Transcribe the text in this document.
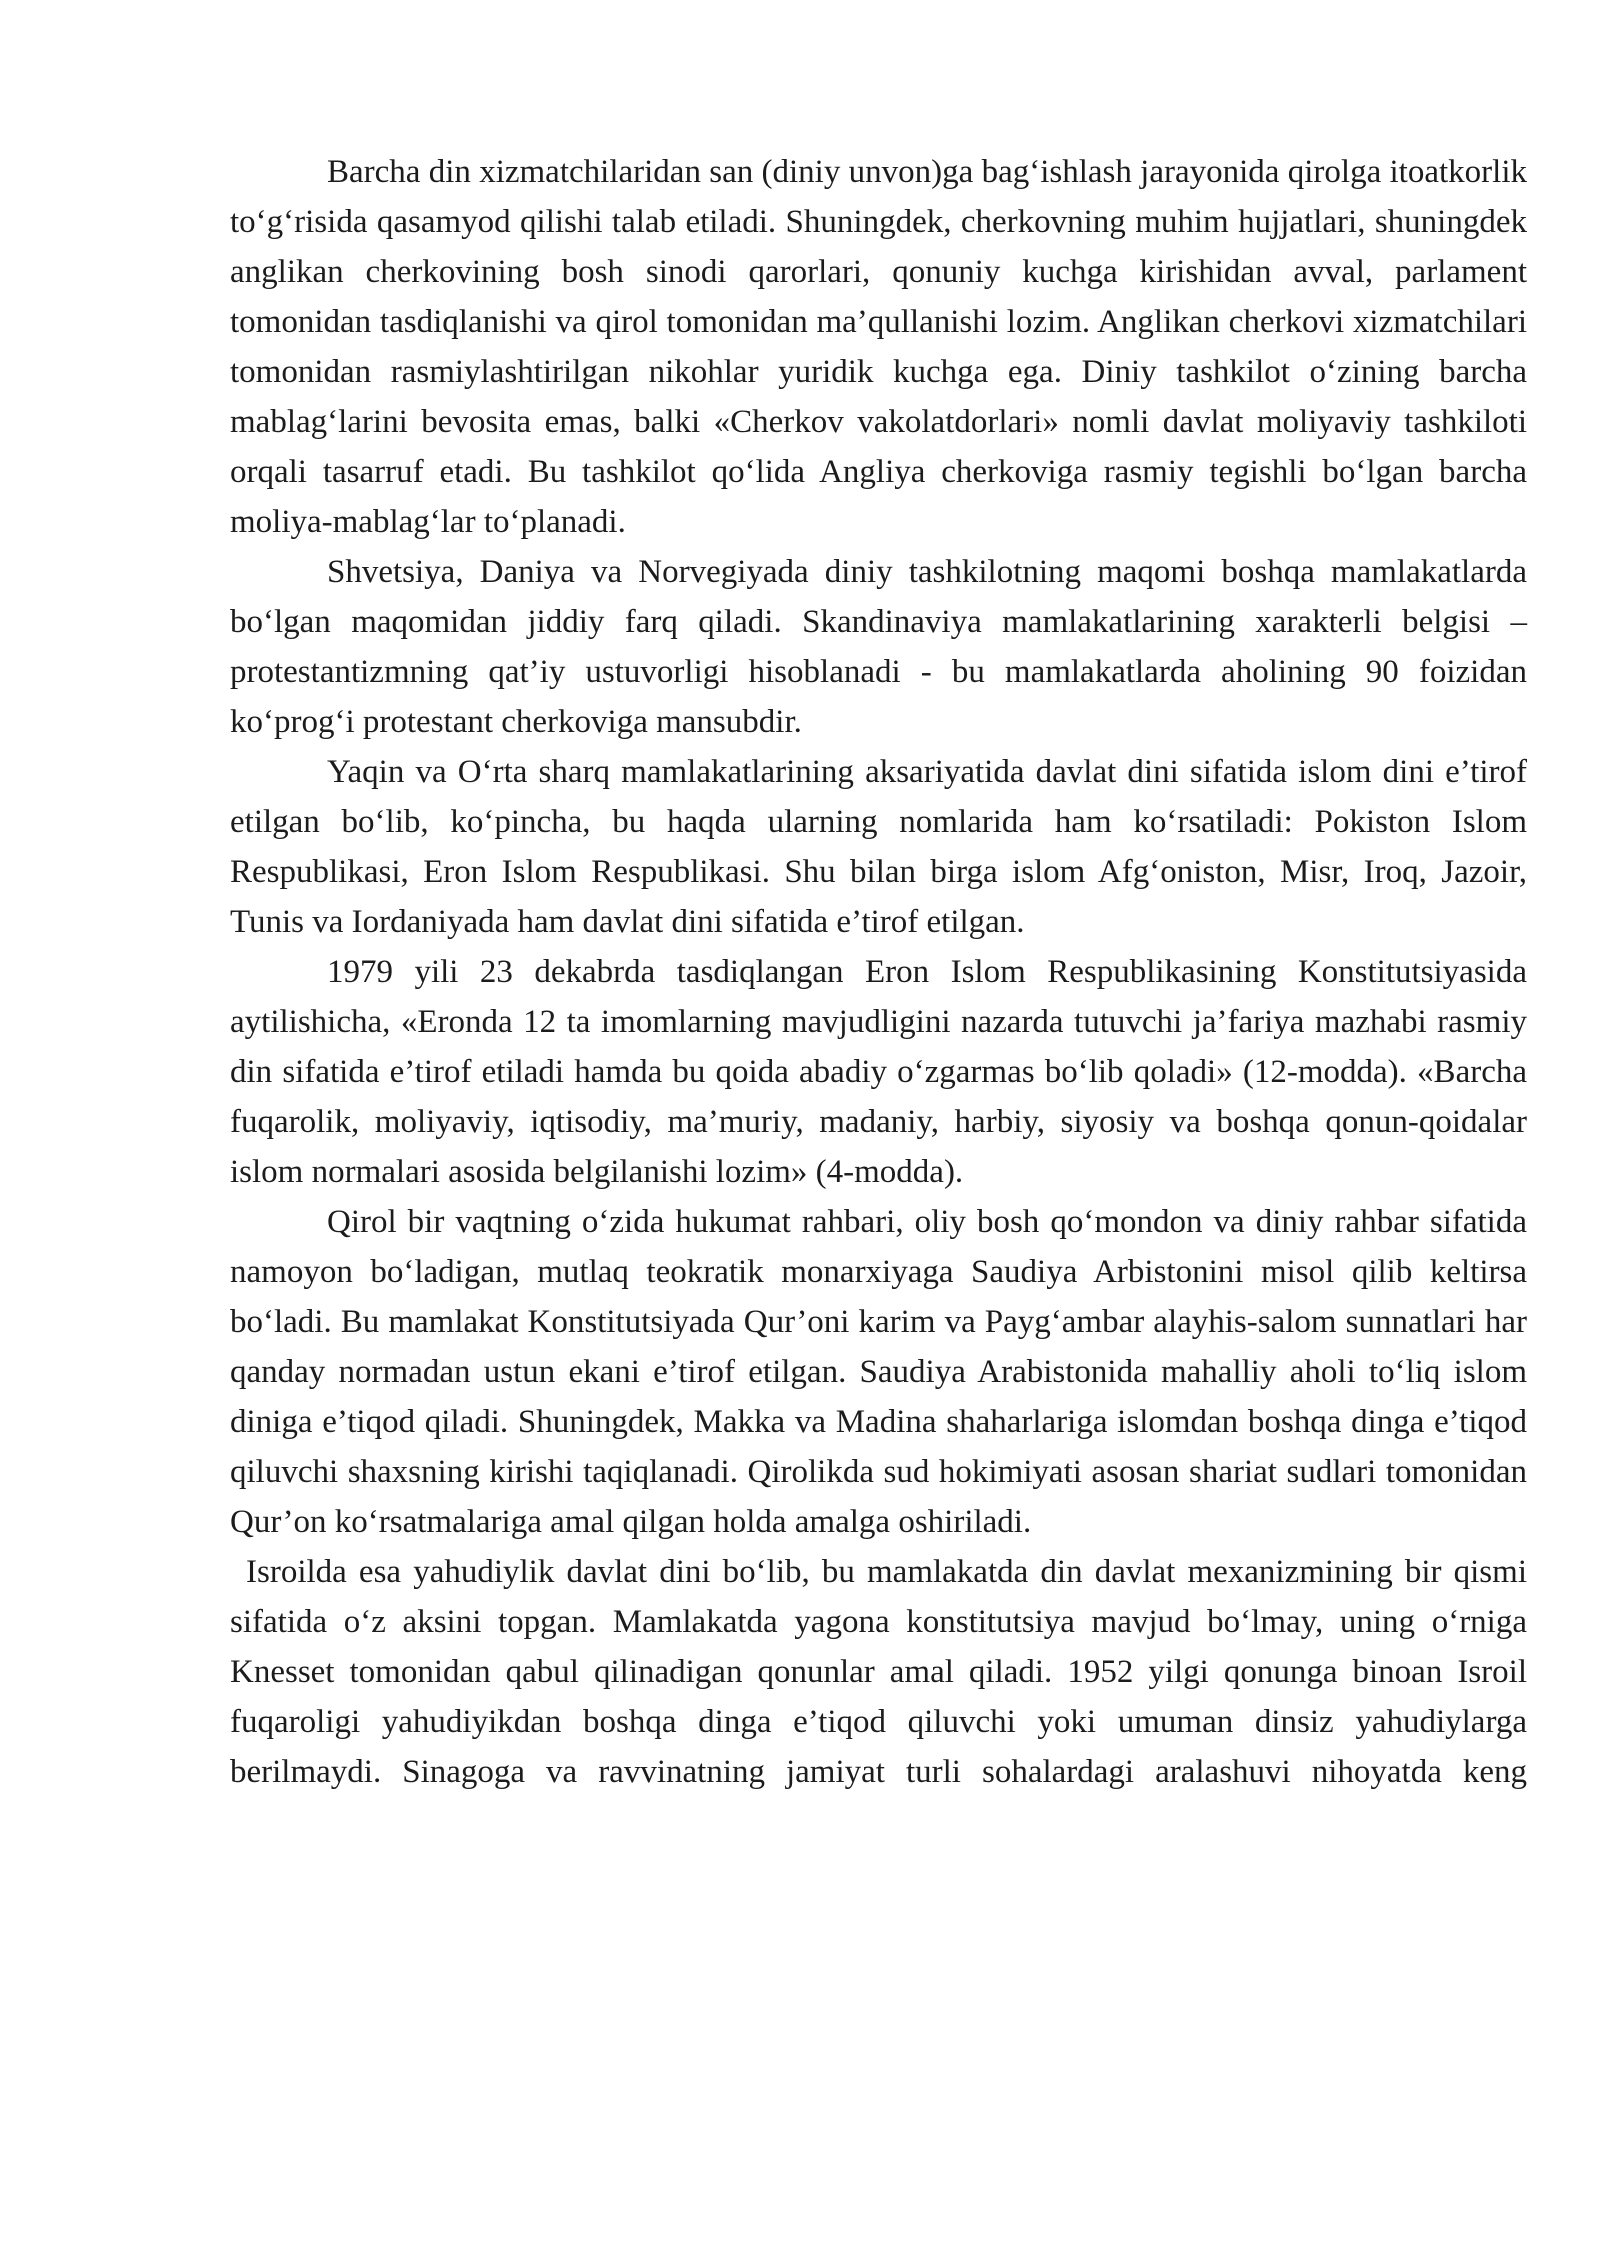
Barcha din xizmatchilaridan san (diniy unvon)ga bag‘ishlash jarayonida qirolga itoatkorlik to‘g‘risida qasamyod qilishi talab etiladi. Shuningdek, cherkovning muhim hujjatlari, shuningdek anglikan cherkovining bosh sinodi qarorlari, qonuniy kuchga kirishidan avval, parlament tomonidan tasdiqlanishi va qirol tomonidan ma’qullanishi lozim. Anglikan cherkovi xizmatchilari tomonidan rasmiylashtirilgan nikohlar yuridik kuchga ega. Diniy tashkilot o‘zining barcha mablag‘larini bevosita emas, balki «Cherkov vakolatdorlari» nomli davlat moliyaviy tashkiloti orqali tasarruf etadi. Bu tashkilot qo‘lida Angliya cherkoviga rasmiy tegishli bo‘lgan barcha moliya-mablag‘lar to‘planadi.

Shvetsiya, Daniya va Norvegiyada diniy tashkilotning maqomi boshqa mamlakatlarda bo‘lgan maqomidan jiddiy farq qiladi. Skandinaviya mamlakatlarining xarakterli belgisi – protestantizmning qat’iy ustuvorligi hisoblanadi - bu mamlakatlarda aholining 90 foizidan ko‘prog‘i protestant cherkoviga mansubdir.

Yaqin va O‘rta sharq mamlakatlarining aksariyatida davlat dini sifatida islom dini e’tirof etilgan bo‘lib, ko‘pincha, bu haqda ularning nomlarida ham ko‘rsatiladi: Pokiston Islom Respublikasi, Eron Islom Respublikasi. Shu bilan birga islom Afg‘oniston, Misr, Iroq, Jazoir, Tunis va Iordaniyada ham davlat dini sifatida e’tirof etilgan.

1979 yili 23 dekabrda tasdiqlangan Eron Islom Respublikasining Konstitutsiyasida aytilishicha, «Eronda 12 ta imomlarning mavjudligini nazarda tutuvchi ja’fariya mazhabi rasmiy din sifatida e’tirof etiladi hamda bu qoida abadiy o‘zgarmas bo‘lib qoladi» (12-modda). «Barcha fuqarolik, moliyaviy, iqtisodiy, ma’muriy, madaniy, harbiy, siyosiy va boshqa qonun-qoidalar islom normalari asosida belgilanishi lozim» (4-modda).

Qirol bir vaqtning o‘zida hukumat rahbari, oliy bosh qo‘mondon va diniy rahbar sifatida namoyon bo‘ladigan, mutlaq teokratik monarxiyaga Saudiya Arbistonini misol qilib keltirsa bo‘ladi. Bu mamlakat Konstitutsiyada Qur’oni karim va Payg‘ambar alayhis-salom sunnatlari har qanday normadan ustun ekani e’tirof etilgan. Saudiya Arabistonida mahalliy aholi to‘liq islom diniga e’tiqod qiladi. Shuningdek, Makka va Madina shaharlariga islomdan boshqa dinga e’tiqod qiluvchi shaxsning kirishi taqiqlanadi. Qirolikda sud hokimiyati asosan shariat sudlari tomonidan Qur’on ko‘rsatmalariga amal qilgan holda amalga oshiriladi.

Isroilda esa yahudiylik davlat dini bo‘lib, bu mamlakatda din davlat mexanizmining bir qismi sifatida o‘z aksini topgan. Mamlakatda yagona konstitutsiya mavjud bo‘lmay, uning o‘rniga Knesset tomonidan qabul qilinadigan qonunlar amal qiladi. 1952 yilgi qonunga binoan Isroil fuqaroligi yahudiyikdan boshqa dinga e’tiqod qiluvchi yoki umuman dinsiz yahudiylarga berilmaydi. Sinagoga va ravvinatning jamiyat turli sohalardagi aralashuvi nihoyatda keng
